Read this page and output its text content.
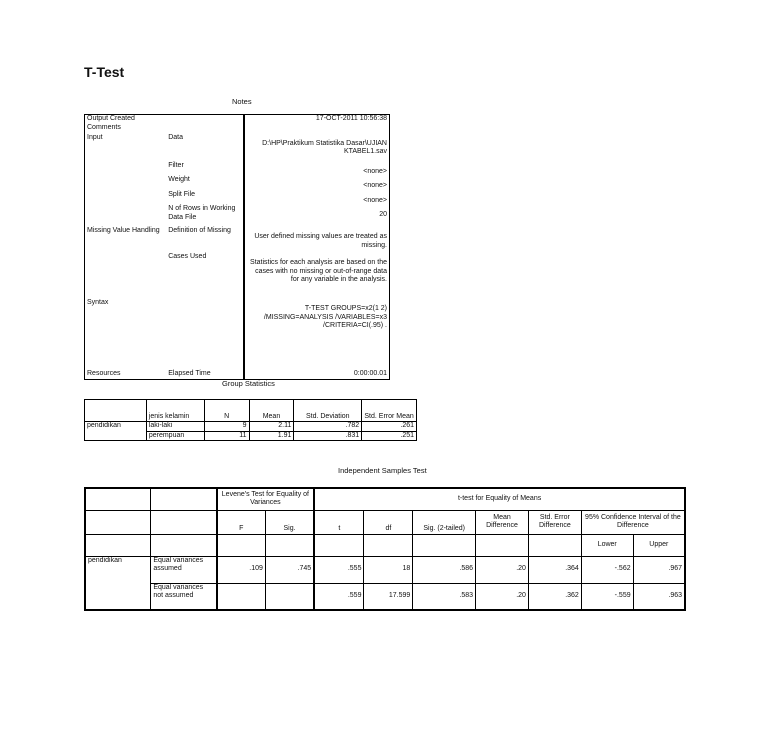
T-Test
Notes
Output Created		17-OCT-2011 10:56:38
Comments		
Input	Data	D:\HP\Praktikum Statistika Dasar\UJIAN KTABEL1.sav
	Filter	<none>
	Weight	<none>
	Split File	<none>
	N of Rows in Working Data File	20
Missing Value Handling	Definition of Missing	User defined missing values are treated as missing.
	Cases Used	Statistics for each analysis are based on the cases with no missing or out-of-range data for any variable in the analysis.
Syntax		T-TEST GROUPS=x2(1 2) /MISSING=ANALYSIS /VARIABLES=x3 /CRITERIA=CI(.95) .
Resources	Elapsed Time	0:00:00.01
Group Statistics
	jenis kelamin	N	Mean	Std. Deviation	Std. Error Mean
pendidikan	laki-laki	9	2.11	.782	.261
	perempuan	11	1.91	.831	.251
Independent Samples Test
		Levene's Test for Equality of Variances		t-test for Equality of Means						
		F	Sig.	t	df	Sig. (2-tailed)	Mean Difference	Std. Error Difference	95% Confidence Interval of the Difference	
									Lower	Upper
pendidikan	Equal variances assumed	.109	.745	.555	18	.586	.20	.364	-.562	.967
	Equal variances not assumed			.559	17.599	.583	.20	.362	-.559	.963
